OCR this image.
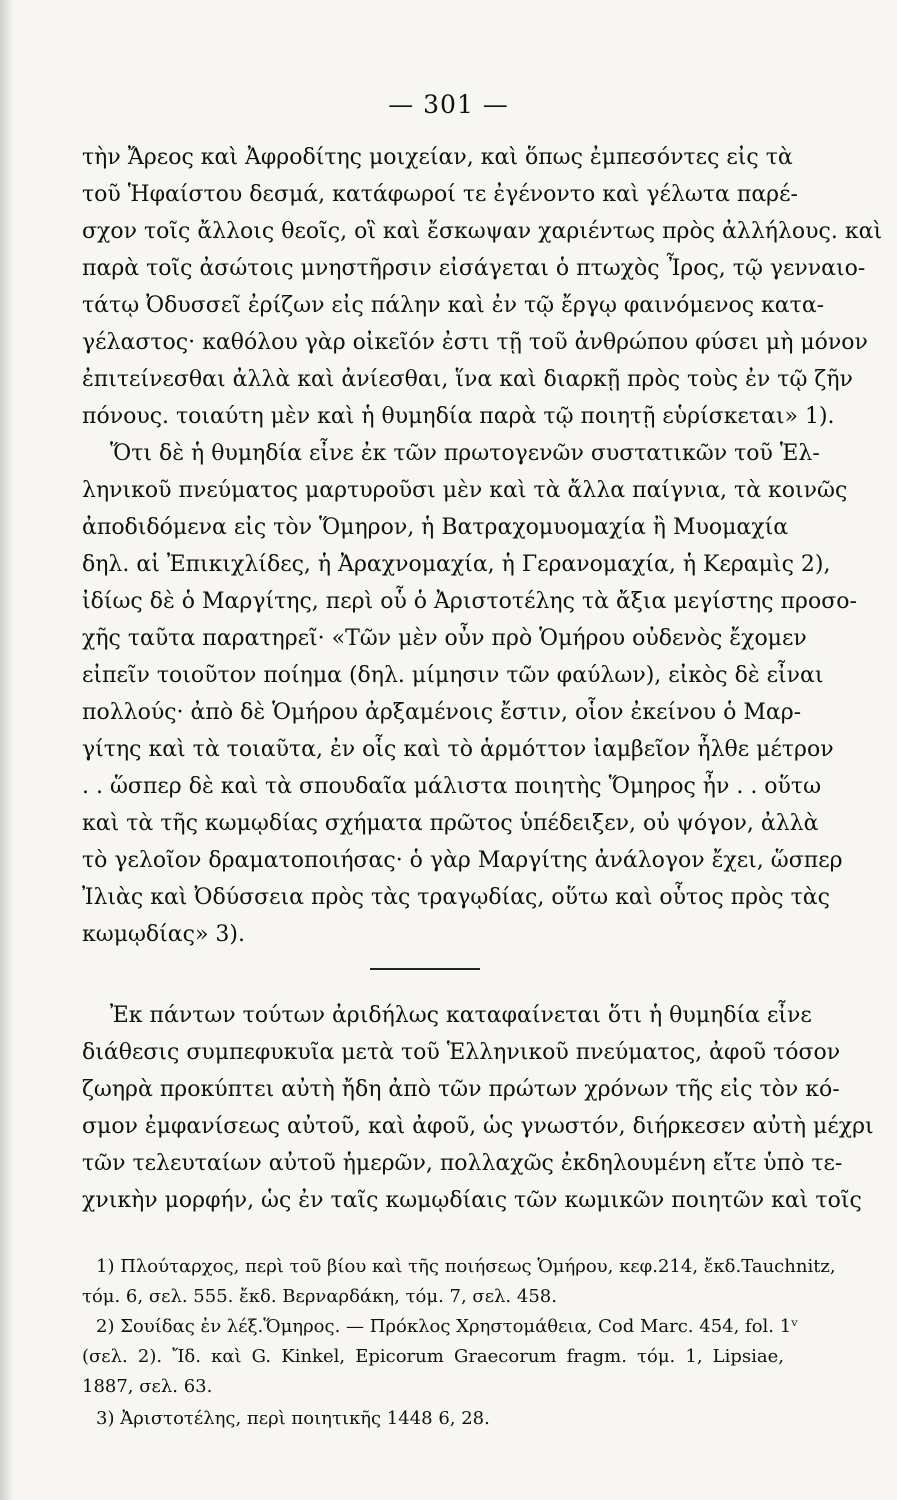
— 301 —
τὴν Ἄρεος καὶ Ἀφροδίτης μοιχείαν, καὶ ὅπως ἐμπεσόντες εἰς τὰ
τοῦ Ἡφαίστου δεσμά, κατάφωροί τε ἐγένοντο καὶ γέλωτα παρέ-
σχον τοῖς ἄλλοις θεοῖς, οἳ καὶ ἔσκωψαν χαριέντως πρὸς ἀλλήλους. καὶ
παρὰ τοῖς ἀσώτοις μνηστῆρσιν εἰσάγεται ὁ πτωχὸς Ἶρος, τῷ γενναιο-
τάτῳ Ὀδυσσεῖ ἐρίζων εἰς πάλην καὶ ἐν τῷ ἔργῳ φαινόμενος κατα-
γέλαστος· καθόλου γὰρ οἰκεῖόν ἐστι τῇ τοῦ ἀνθρώπου φύσει μὴ μόνον
ἐπιτείνεσθαι ἀλλὰ καὶ ἀνίεσθαι, ἵνα καὶ διαρκῇ πρὸς τοὺς ἐν τῷ ζῆν
πόνους. τοιαύτη μὲν καὶ ἡ θυμηδία παρὰ τῷ ποιητῇ εὑρίσκεται» 1).
Ὅτι δὲ ἡ θυμηδία εἶνε ἐκ τῶν πρωτογενῶν συστατικῶν τοῦ Ἑλ-
ληνικοῦ πνεύματος μαρτυροῦσι μὲν καὶ τὰ ἄλλα παίγνια, τὰ κοινῶς
ἀποδιδόμενα εἰς τὸν Ὅμηρον, ἡ Βατραχομυομαχία ἢ Μυομαχία
δηλ. αἱ Ἐπικιχλίδες, ἡ Ἀραχνομαχία, ἡ Γερανομαχία, ἡ Κεραμὶς 2),
ἰδίως δὲ ὁ Μαργίτης, περὶ οὗ ὁ Ἀριστοτέλης τὰ ἄξια μεγίστης προσο-
χῆς ταῦτα παρατηρεῖ· «Τῶν μὲν οὖν πρὸ Ὁμήρου οὐδενὸς ἔχομεν
εἰπεῖν τοιοῦτον ποίημα (δηλ. μίμησιν τῶν φαύλων), εἰκὸς δὲ εἶναι
πολλούς· ἀπὸ δὲ Ὁμήρου ἀρξαμένοις ἔστιν, οἷον ἐκείνου ὁ Μαρ-
γίτης καὶ τὰ τοιαῦτα, ἐν οἷς καὶ τὸ ἁρμόττον ἰαμβεῖον ἦλθε μέτρον
. . ὥσπερ δὲ καὶ τὰ σπουδαῖα μάλιστα ποιητὴς Ὅμηρος ἦν . . οὕτω
καὶ τὰ τῆς κωμῳδίας σχήματα πρῶτος ὑπέδειξεν, οὐ ψόγον, ἀλλὰ
τὸ γελοῖον δραματοποιήσας· ὁ γὰρ Μαργίτης ἀνάλογον ἔχει, ὥσπερ
Ἰλιὰς καὶ Ὀδύσσεια πρὸς τὰς τραγῳδίας, οὕτω καὶ οὗτος πρὸς τὰς
κωμῳδίας» 3).
Ἐκ πάντων τούτων ἀριδήλως καταφαίνεται ὅτι ἡ θυμηδία εἶνε
διάθεσις συμπεφυκυῖα μετὰ τοῦ Ἑλληνικοῦ πνεύματος, ἀφοῦ τόσον
ζωηρὰ προκύπτει αὐτὴ ἤδη ἀπὸ τῶν πρώτων χρόνων τῆς εἰς τὸν κό-
σμον ἐμφανίσεως αὐτοῦ, καὶ ἀφοῦ, ὡς γνωστόν, διήρκεσεν αὐτὴ μέχρι
τῶν τελευταίων αὐτοῦ ἡμερῶν, πολλαχῶς ἐκδηλουμένη εἴτε ὑπὸ τε-
χνικὴν μορφήν, ὡς ἐν ταῖς κωμῳδίαις τῶν κωμικῶν ποιητῶν καὶ τοῖς
1) Πλούταρχος, περὶ τοῦ βίου καὶ τῆς ποιήσεως Ὁμήρου, κεφ.214, ἔκδ.Tauchnitz,
τόμ. 6, σελ. 555. ἔκδ. Βερναρδάκη, τόμ. 7, σελ. 458.
2) Σουίδας ἐν λέξ.Ὅμηρος. — Πρόκλος Χρηστομάθεια, Cod Marc. 454, fol. 1ᵛ
(σελ. 2). Ἴδ. καὶ G. Kinkel, Epicorum Graecorum fragm. τόμ. 1, Lipsiae,
1887, σελ. 63.
3) Ἀριστοτέλης, περὶ ποιητικῆς 1448 6, 28.
